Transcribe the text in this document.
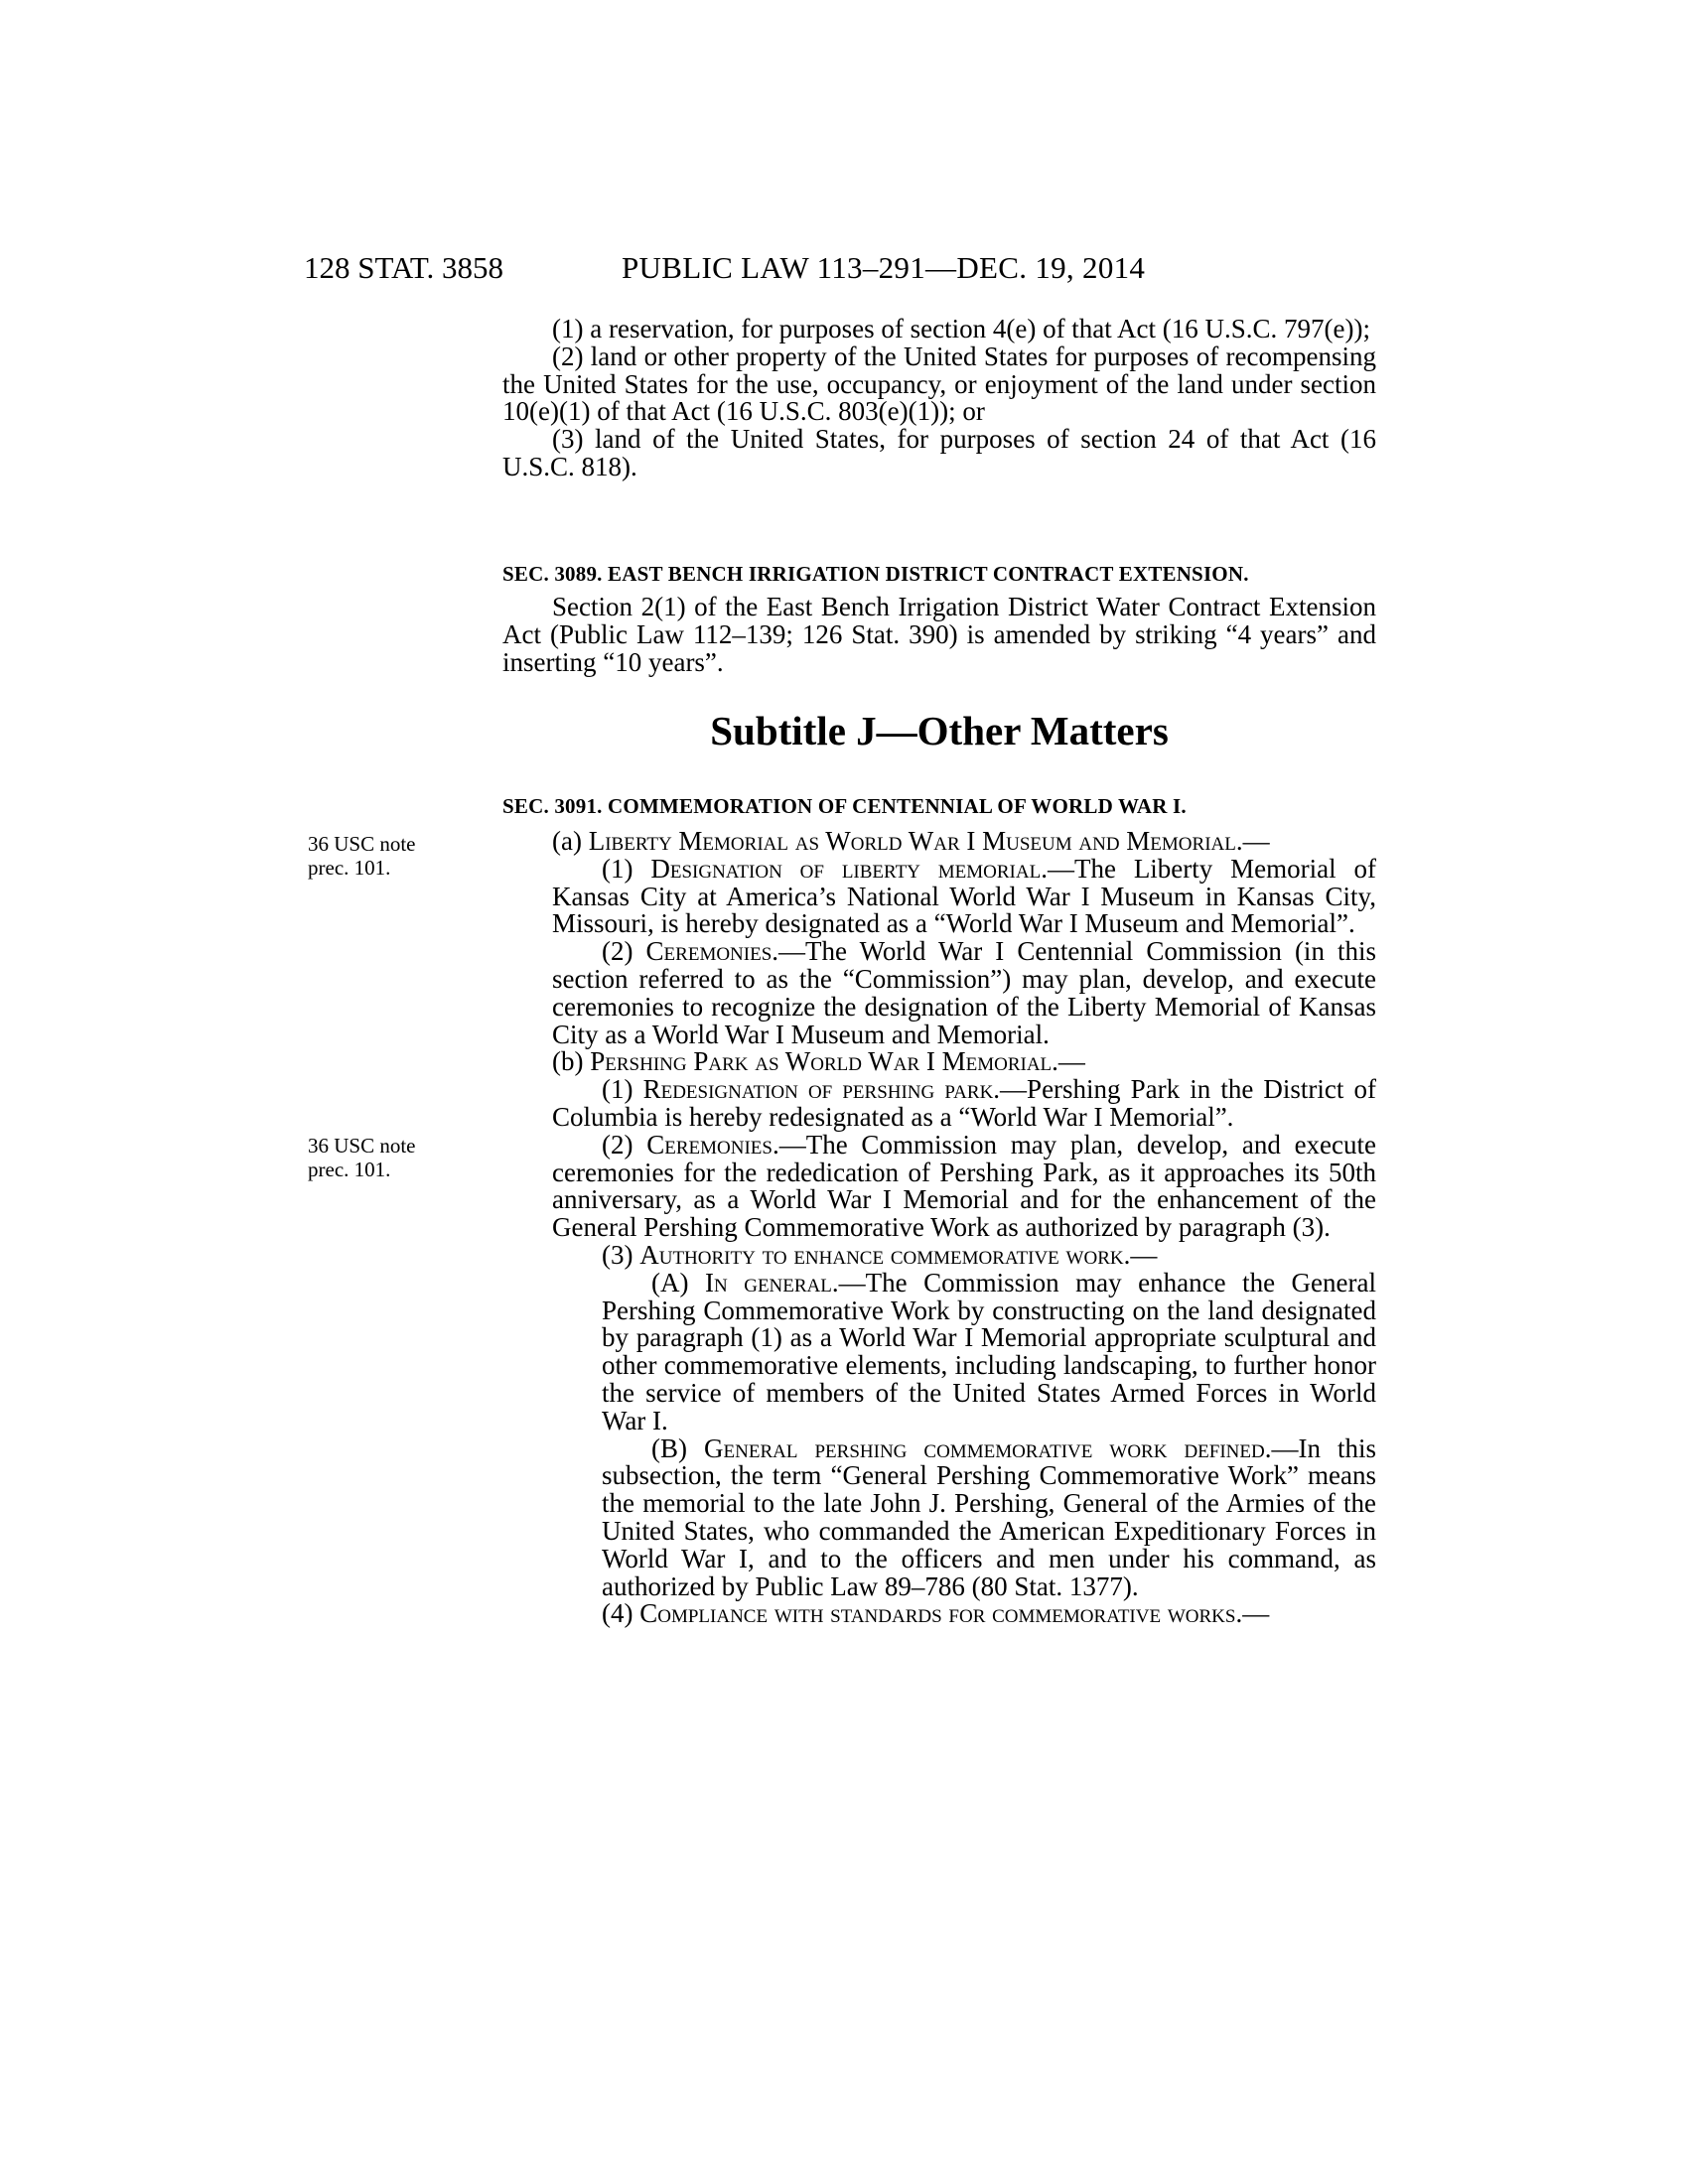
128 STAT. 3858	PUBLIC LAW 113–291—DEC. 19, 2014

(1) a reservation, for purposes of section 4(e) of that Act (16 U.S.C. 797(e));

(2) land or other property of the United States for purposes of recompensing the United States for the use, occupancy, or enjoyment of the land under section 10(e)(1) of that Act (16 U.S.C. 803(e)(1)); or

(3) land of the United States, for purposes of section 24 of that Act (16 U.S.C. 818).

SEC. 3089. EAST BENCH IRRIGATION DISTRICT CONTRACT EXTENSION.

Section 2(1) of the East Bench Irrigation District Water Contract Extension Act (Public Law 112–139; 126 Stat. 390) is amended by striking “4 years” and inserting “10 years”.

Subtitle J—Other Matters
SEC. 3091. COMMEMORATION OF CENTENNIAL OF WORLD WAR I.

36 USC note

prec. 101.

36 USC note

prec. 101.

(a) Liberty Memorial as World War I Museum and Memorial.—

(1) Designation of liberty memorial.—The Liberty Memorial of Kansas City at America’s National World War I Museum in Kansas City, Missouri, is hereby designated as a “World War I Museum and Memorial”.

(2) Ceremonies.—The World War I Centennial Commission (in this section referred to as the “Commission”) may plan, develop, and execute ceremonies to recognize the designation of the Liberty Memorial of Kansas City as a World War I Museum and Memorial.

(b) Pershing Park as World War I Memorial.—

(1) Redesignation of pershing park.—Pershing Park in the District of Columbia is hereby redesignated as a “World War I Memorial”.

(2) Ceremonies.—The Commission may plan, develop, and execute ceremonies for the rededication of Pershing Park, as it approaches its 50th anniversary, as a World War I Memorial and for the enhancement of the General Pershing Commemorative Work as authorized by paragraph (3).

(3) Authority to enhance commemorative work.—

(A) In general.—The Commission may enhance the General Pershing Commemorative Work by constructing on the land designated by paragraph (1) as a World War I Memorial appropriate sculptural and other commemorative elements, including landscaping, to further honor the service of members of the United States Armed Forces in World War I.

(B) General pershing commemorative work defined.—In this subsection, the term “General Pershing Commemorative Work” means the memorial to the late John J. Pershing, General of the Armies of the United States, who commanded the American Expeditionary Forces in World War I, and to the officers and men under his command, as authorized by Public Law 89–786 (80 Stat. 1377).

(4) Compliance with standards for commemorative works.—
